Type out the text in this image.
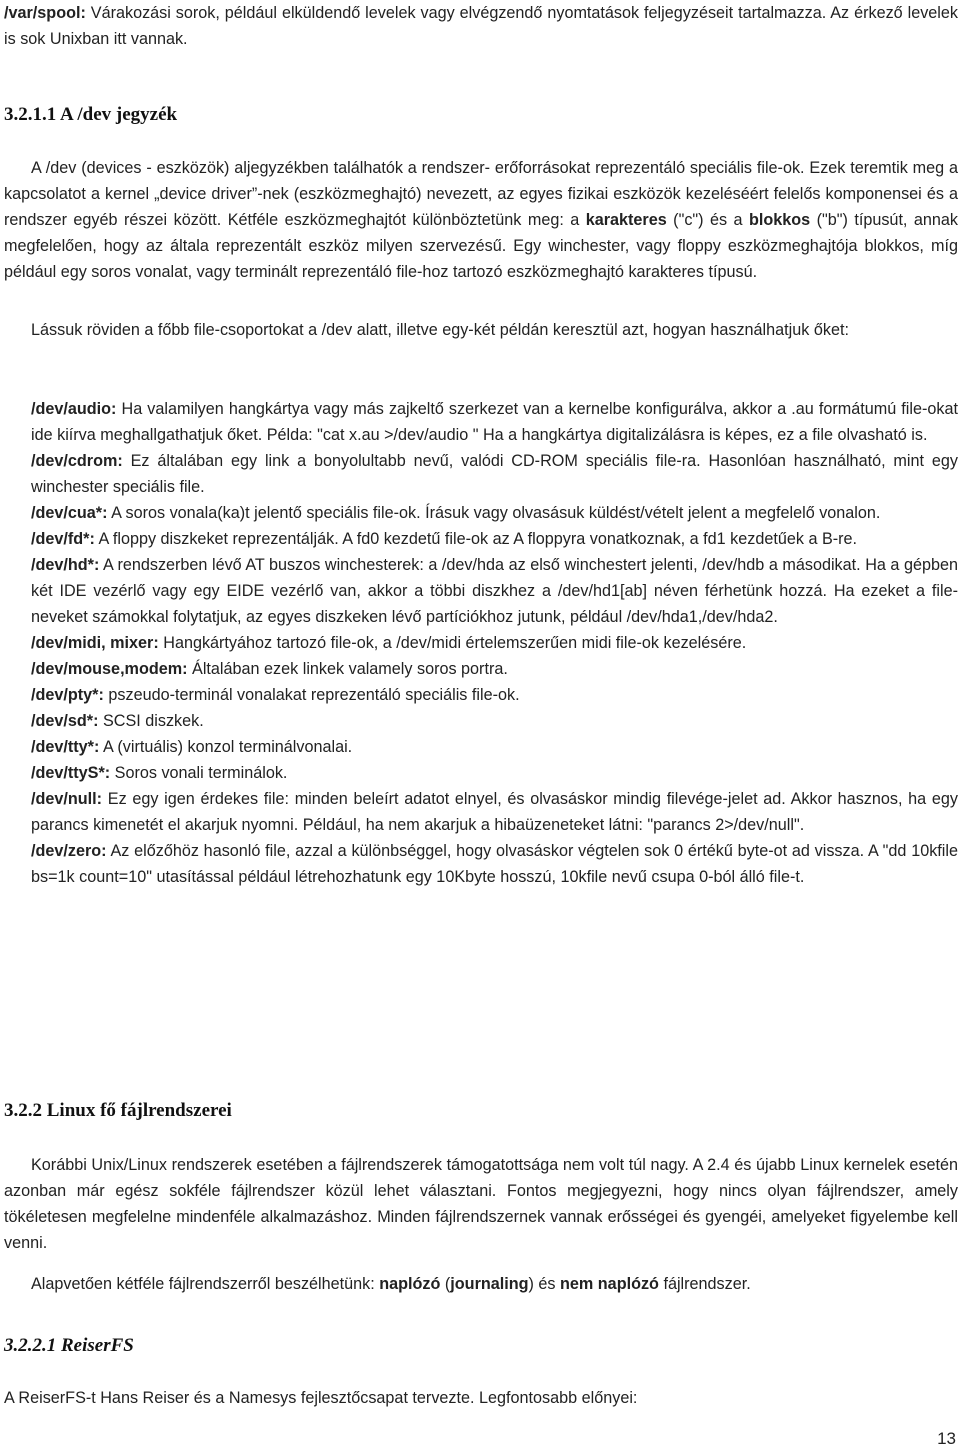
/var/spool: Várakozási sorok, például elküldendő levelek vagy elvégzendő nyomtatások feljegyzéseit tartalmazza. Az érkező levelek is sok Unixban itt vannak.

3.2.1.1 A /dev jegyzék

A /dev (devices - eszközök) aljegyzékben találhatók a rendszer- erőforrásokat reprezentáló speciális file-ok. Ezek teremtik meg a kapcsolatot a kernel „device driver”-nek (eszközmeghajtó) nevezett, az egyes fizikai eszközök kezeléséért felelős komponensei és a rendszer egyéb részei között. Kétféle eszközmeghajtót különböztetünk meg: a karakteres ("c") és a blokkos ("b") típusút, annak megfelelően, hogy az általa reprezentált eszköz milyen szervezésű. Egy winchester, vagy floppy eszközmeghajtója blokkos, míg például egy soros vonalat, vagy terminált reprezentáló file-hoz tartozó eszközmeghajtó karakteres típusú.

Lássuk röviden a főbb file-csoportokat a /dev alatt, illetve egy-két példán keresztül azt, hogyan használhatjuk őket:

/dev/audio: Ha valamilyen hangkártya vagy más zajkeltő szerkezet van a kernelbe konfigurálva, akkor a .au formátumú file-okat ide kiírva meghallgathatjuk őket. Példa: "cat x.au >/dev/audio " Ha a hangkártya digitalizálásra is képes, ez a file olvasható is.

/dev/cdrom: Ez általában egy link a bonyolultabb nevű, valódi CD-ROM speciális file-ra. Hasonlóan használható, mint egy winchester speciális file.

/dev/cua*: A soros vonala(ka)t jelentő speciális file-ok. Írásuk vagy olvasásuk küldést/vételt jelent a megfelelő vonalon.

/dev/fd*: A floppy diszkeket reprezentálják. A fd0 kezdetű file-ok az A floppyra vonatkoznak, a fd1 kezdetűek a B-re.

/dev/hd*: A rendszerben lévő AT buszos winchesterek: a /dev/hda az első winchestert jelenti, /dev/hdb a másodikat. Ha a gépben két IDE vezérlő vagy egy EIDE vezérlő van, akkor a többi diszkhez a /dev/hd1[ab] néven férhetünk hozzá. Ha ezeket a file-neveket számokkal folytatjuk, az egyes diszkeken lévő partíciókhoz jutunk, például /dev/hda1,/dev/hda2.

/dev/midi, mixer: Hangkártyához tartozó file-ok, a /dev/midi értelemszerűen midi file-ok kezelésére.

/dev/mouse,modem: Általában ezek linkek valamely soros portra.

/dev/pty*: pszeudo-terminál vonalakat reprezentáló speciális file-ok.

/dev/sd*: SCSI diszkek.

/dev/tty*: A (virtuális) konzol terminálvonalai.

/dev/ttyS*: Soros vonali terminálok.

/dev/null: Ez egy igen érdekes file: minden beleírt adatot elnyel, és olvasáskor mindig filevége-jelet ad. Akkor hasznos, ha egy parancs kimenetét el akarjuk nyomni. Például, ha nem akarjuk a hibaüzeneteket látni: "parancs 2>/dev/null".

/dev/zero: Az előzőhöz hasonló file, azzal a különbséggel, hogy olvasáskor végtelen sok 0 értékű byte-ot ad vissza. A "dd 10kfile bs=1k count=10" utasítással például létrehozhatunk egy 10Kbyte hosszú, 10kfile nevű csupa 0-ból álló file-t.

3.2.2 Linux fő fájlrendszerei

Korábbi Unix/Linux rendszerek esetében a fájlrendszerek támogatottsága nem volt túl nagy. A 2.4 és újabb Linux kernelek esetén azonban már egész sokféle fájlrendszer közül lehet választani. Fontos megjegyezni, hogy nincs olyan fájlrendszer, amely tökéletesen megfelelne mindenféle alkalmazáshoz. Minden fájlrendszernek vannak erősségei és gyengéi, amelyeket figyelembe kell venni.

Alapvetően kétféle fájlrendszerről beszélhetünk: naplózó (journaling) és nem naplózó fájlrendszer.

3.2.2.1 ReiserFS

A ReiserFS-t Hans Reiser és a Namesys fejlesztőcsapat tervezte. Legfontosabb előnyei:

13
